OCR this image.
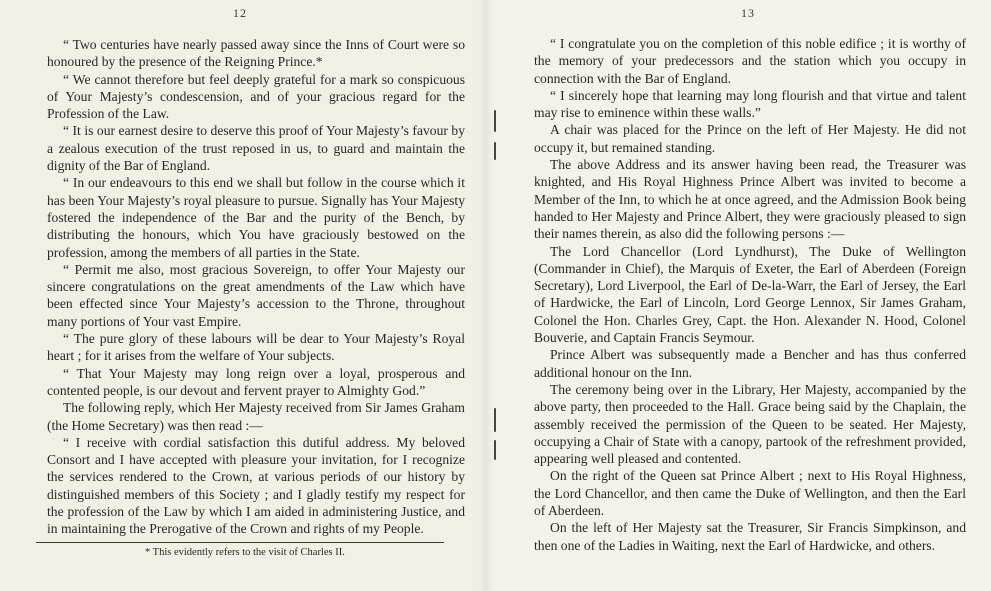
12

“ Two centuries have nearly passed away since the Inns of Court were so honoured by the presence of the Reigning Prince.*

“ We cannot therefore but feel deeply grateful for a mark so conspicuous of Your Majesty’s condescension, and of your gracious regard for the Profession of the Law.

“ It is our earnest desire to deserve this proof of Your Majesty’s favour by a zealous execution of the trust reposed in us, to guard and maintain the dignity of the Bar of England.

“ In our endeavours to this end we shall but follow in the course which it has been Your Majesty’s royal pleasure to pursue. Signally has Your Majesty fostered the independence of the Bar and the purity of the Bench, by distributing the honours, which You have graciously bestowed on the profession, among the members of all parties in the State.

“ Permit me also, most gracious Sovereign, to offer Your Majesty our sincere congratulations on the great amendments of the Law which have been effected since Your Majesty’s accession to the Throne, throughout many portions of Your vast Empire.

“ The pure glory of these labours will be dear to Your Majesty’s Royal heart ; for it arises from the welfare of Your subjects.

“ That Your Majesty may long reign over a loyal, prosperous and contented people, is our devout and fervent prayer to Almighty God.”

The following reply, which Her Majesty received from Sir James Graham (the Home Secretary) was then read :—

“ I receive with cordial satisfaction this dutiful address. My beloved Consort and I have accepted with pleasure your invitation, for I recognize the services rendered to the Crown, at various periods of our history by distinguished members of this Society ; and I gladly testify my respect for the profession of the Law by which I am aided in administering Justice, and in maintaining the Prerogative of the Crown and rights of my People.

* This evidently refers to the visit of Charles II.
13

“ I congratulate you on the completion of this noble edifice ; it is worthy of the memory of your predecessors and the station which you occupy in connection with the Bar of England.

“ I sincerely hope that learning may long flourish and that virtue and talent may rise to eminence within these walls.”

A chair was placed for the Prince on the left of Her Majesty. He did not occupy it, but remained standing.

The above Address and its answer having been read, the Treasurer was knighted, and His Royal Highness Prince Albert was invited to become a Member of the Inn, to which he at once agreed, and the Admission Book being handed to Her Majesty and Prince Albert, they were graciously pleased to sign their names therein, as also did the following persons :—

The Lord Chancellor (Lord Lyndhurst), The Duke of Wellington (Commander in Chief), the Marquis of Exeter, the Earl of Aberdeen (Foreign Secretary), Lord Liverpool, the Earl of De-la-Warr, the Earl of Jersey, the Earl of Hardwicke, the Earl of Lincoln, Lord George Lennox, Sir James Graham, Colonel the Hon. Charles Grey, Capt. the Hon. Alexander N. Hood, Colonel Bouverie, and Captain Francis Seymour.

Prince Albert was subsequently made a Bencher and has thus conferred additional honour on the Inn.

The ceremony being over in the Library, Her Majesty, accompanied by the above party, then proceeded to the Hall. Grace being said by the Chaplain, the assembly received the permission of the Queen to be seated. Her Majesty, occupying a Chair of State with a canopy, partook of the refreshment provided, appearing well pleased and contented.

On the right of the Queen sat Prince Albert ; next to His Royal Highness, the Lord Chancellor, and then came the Duke of Wellington, and then the Earl of Aberdeen.

On the left of Her Majesty sat the Treasurer, Sir Francis Simpkinson, and then one of the Ladies in Waiting, next the Earl of Hardwicke, and others.
